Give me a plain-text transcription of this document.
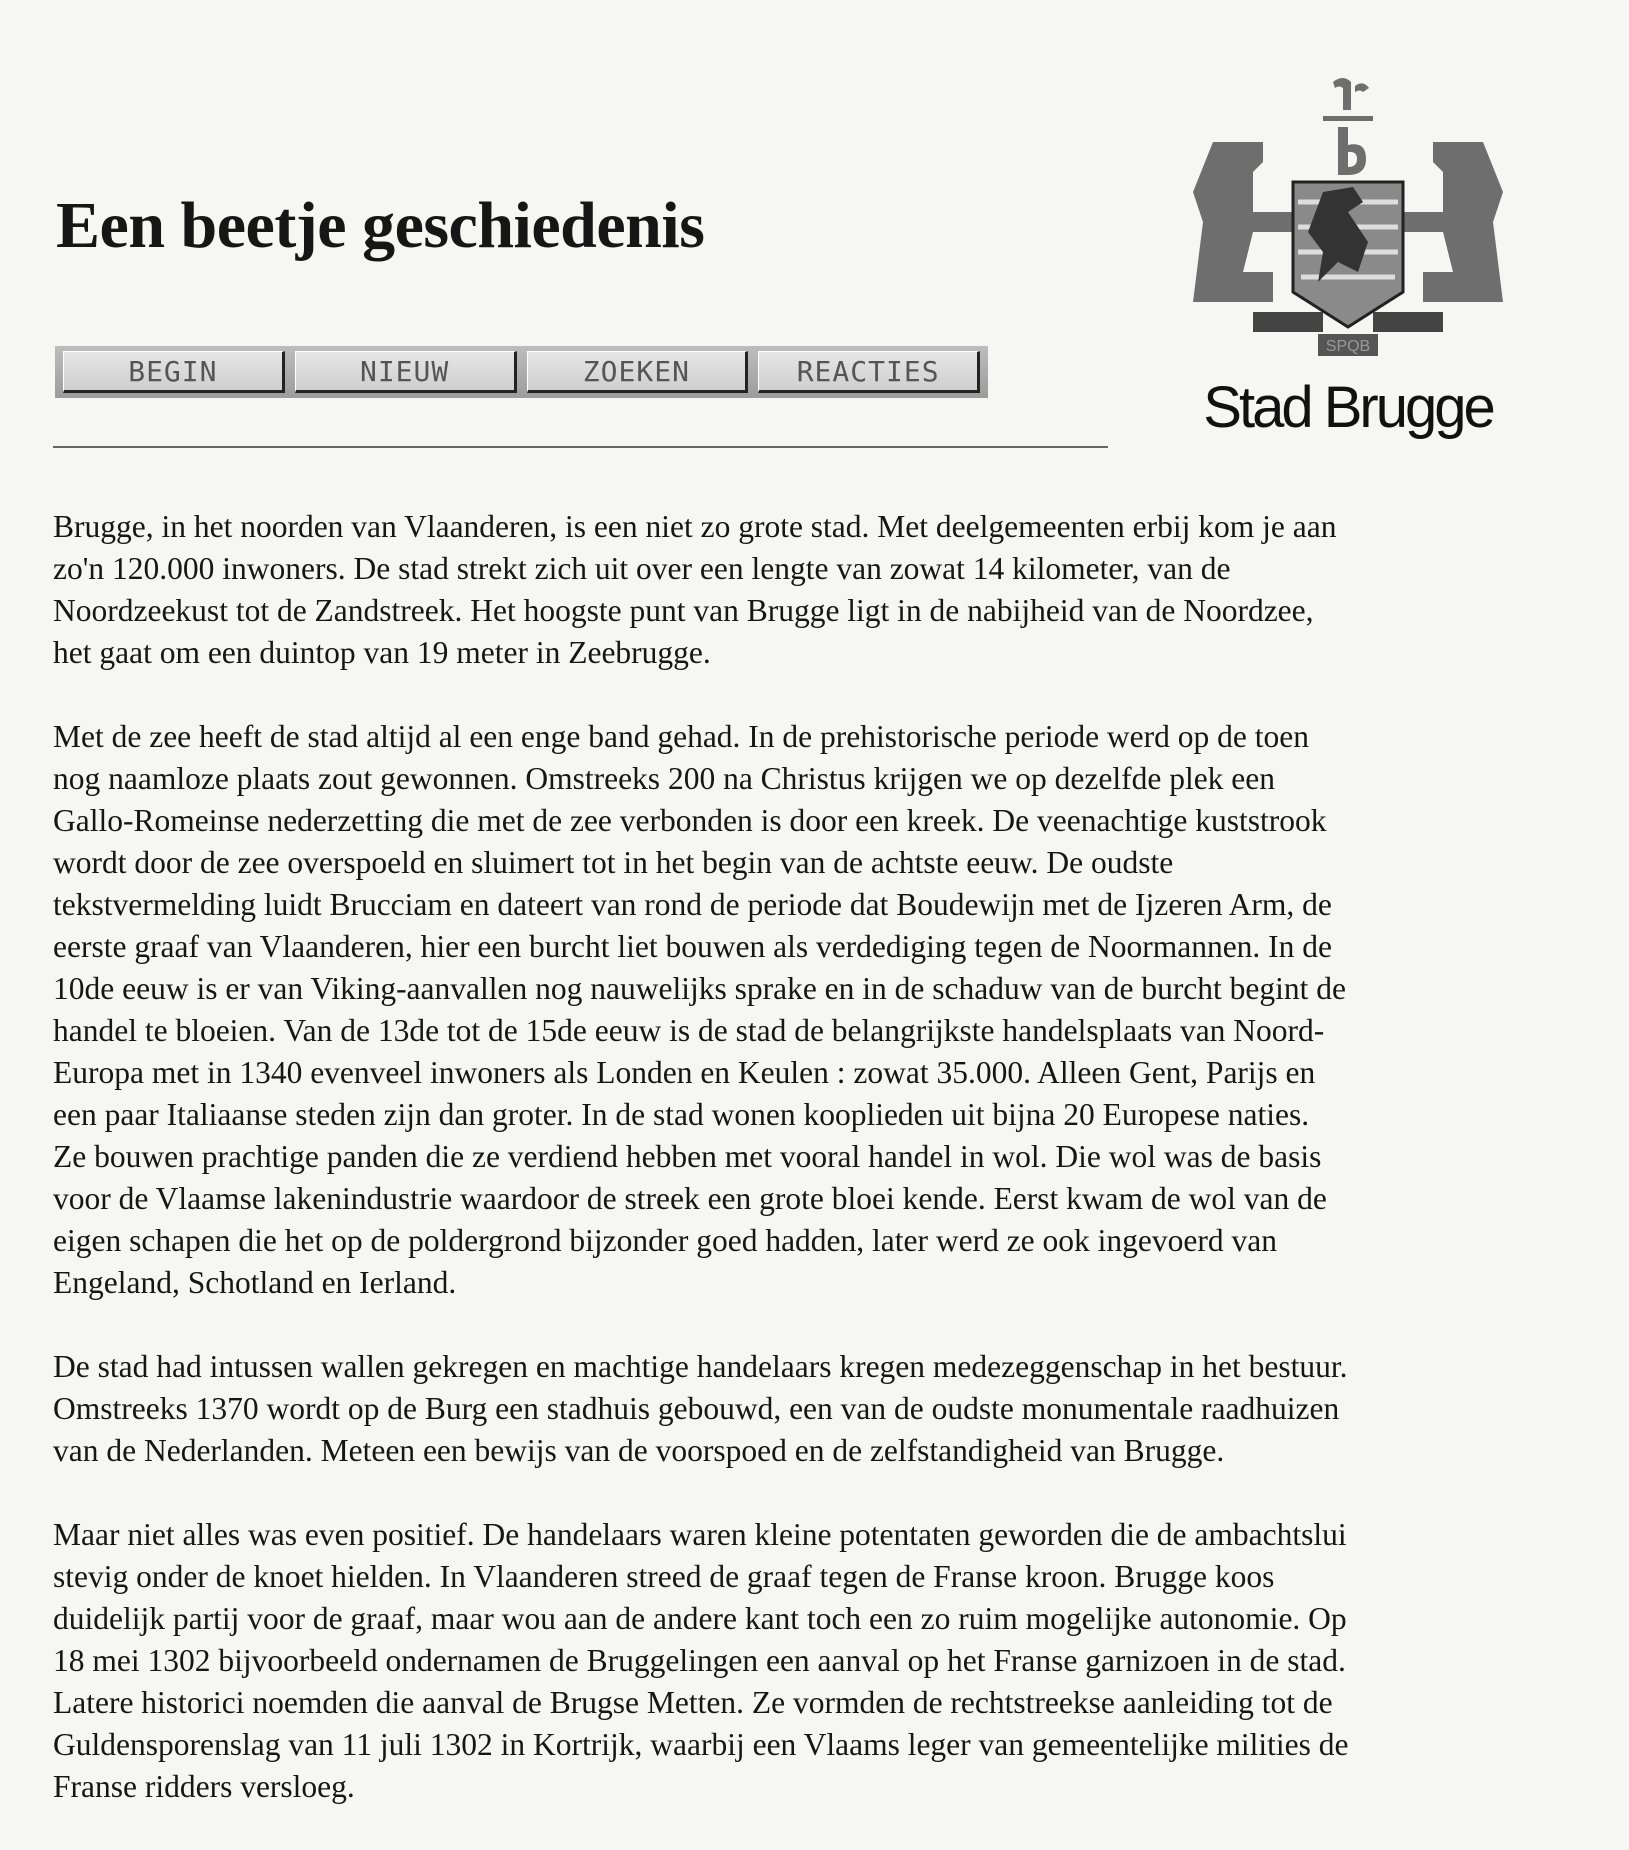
Een beetje geschiedenis
BEGIN	NIEUW	ZOEKEN	REACTIES
SPQB
Stad Brugge

Brugge, in het noorden van Vlaanderen, is een niet zo grote stad. Met deelgemeenten erbij kom je aan
zo'n 120.000 inwoners. De stad strekt zich uit over een lengte van zowat 14 kilometer, van de
Noordzeekust tot de Zandstreek. Het hoogste punt van Brugge ligt in de nabijheid van de Noordzee,
het gaat om een duintop van 19 meter in Zeebrugge.

Met de zee heeft de stad altijd al een enge band gehad. In de prehistorische periode werd op de toen
nog naamloze plaats zout gewonnen. Omstreeks 200 na Christus krijgen we op dezelfde plek een
Gallo-Romeinse nederzetting die met de zee verbonden is door een kreek. De veenachtige kuststrook
wordt door de zee overspoeld en sluimert tot in het begin van de achtste eeuw. De oudste
tekstvermelding luidt Brucciam en dateert van rond de periode dat Boudewijn met de Ijzeren Arm, de
eerste graaf van Vlaanderen, hier een burcht liet bouwen als verdediging tegen de Noormannen. In de
10de eeuw is er van Viking-aanvallen nog nauwelijks sprake en in de schaduw van de burcht begint de
handel te bloeien. Van de 13de tot de 15de eeuw is de stad de belangrijkste handelsplaats van Noord-
Europa met in 1340 evenveel inwoners als Londen en Keulen : zowat 35.000. Alleen Gent, Parijs en
een paar Italiaanse steden zijn dan groter. In de stad wonen kooplieden uit bijna 20 Europese naties.
Ze bouwen prachtige panden die ze verdiend hebben met vooral handel in wol. Die wol was de basis
voor de Vlaamse lakenindustrie waardoor de streek een grote bloei kende. Eerst kwam de wol van de
eigen schapen die het op de poldergrond bijzonder goed hadden, later werd ze ook ingevoerd van
Engeland, Schotland en Ierland.

De stad had intussen wallen gekregen en machtige handelaars kregen medezeggenschap in het bestuur.
Omstreeks 1370 wordt op de Burg een stadhuis gebouwd, een van de oudste monumentale raadhuizen
van de Nederlanden. Meteen een bewijs van de voorspoed en de zelfstandigheid van Brugge.

Maar niet alles was even positief. De handelaars waren kleine potentaten geworden die de ambachtslui
stevig onder de knoet hielden. In Vlaanderen streed de graaf tegen de Franse kroon. Brugge koos
duidelijk partij voor de graaf, maar wou aan de andere kant toch een zo ruim mogelijke autonomie. Op
18 mei 1302 bijvoorbeeld ondernamen de Bruggelingen een aanval op het Franse garnizoen in de stad.
Latere historici noemden die aanval de Brugse Metten. Ze vormden de rechtstreekse aanleiding tot de
Guldensporenslag van 11 juli 1302 in Kortrijk, waarbij een Vlaams leger van gemeentelijke milities de
Franse ridders versloeg.
